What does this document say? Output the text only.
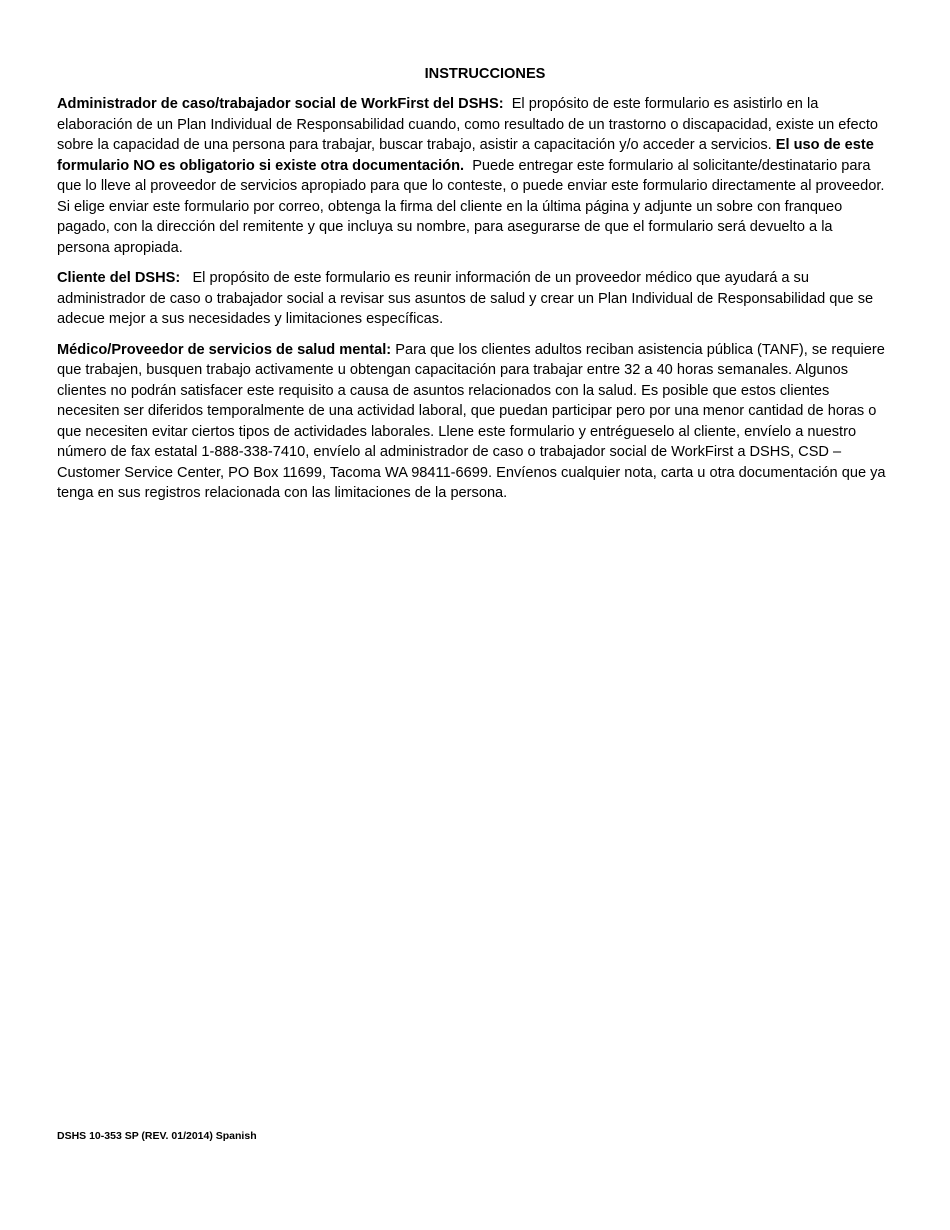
INSTRUCCIONES

Administrador de caso/trabajador social de WorkFirst del DSHS: El propósito de este formulario es asistirlo en la elaboración de un Plan Individual de Responsabilidad cuando, como resultado de un trastorno o discapacidad, existe un efecto sobre la capacidad de una persona para trabajar, buscar trabajo, asistir a capacitación y/o acceder a servicios. El uso de este formulario NO es obligatorio si existe otra documentación. Puede entregar este formulario al solicitante/destinatario para que lo lleve al proveedor de servicios apropiado para que lo conteste, o puede enviar este formulario directamente al proveedor. Si elige enviar este formulario por correo, obtenga la firma del cliente en la última página y adjunte un sobre con franqueo pagado, con la dirección del remitente y que incluya su nombre, para asegurarse de que el formulario será devuelto a la persona apropiada.

Cliente del DSHS: El propósito de este formulario es reunir información de un proveedor médico que ayudará a su administrador de caso o trabajador social a revisar sus asuntos de salud y crear un Plan Individual de Responsabilidad que se adecue mejor a sus necesidades y limitaciones específicas.

Médico/Proveedor de servicios de salud mental: Para que los clientes adultos reciban asistencia pública (TANF), se requiere que trabajen, busquen trabajo activamente u obtengan capacitación para trabajar entre 32 a 40 horas semanales. Algunos clientes no podrán satisfacer este requisito a causa de asuntos relacionados con la salud. Es posible que estos clientes necesiten ser diferidos temporalmente de una actividad laboral, que puedan participar pero por una menor cantidad de horas o que necesiten evitar ciertos tipos de actividades laborales. Llene este formulario y entrégueselo al cliente, envíelo a nuestro número de fax estatal 1-888-338-7410, envíelo al administrador de caso o trabajador social de WorkFirst a DSHS, CSD – Customer Service Center, PO Box 11699, Tacoma WA 98411-6699. Envíenos cualquier nota, carta u otra documentación que ya tenga en sus registros relacionada con las limitaciones de la persona.

DSHS 10-353 SP (REV. 01/2014) Spanish
